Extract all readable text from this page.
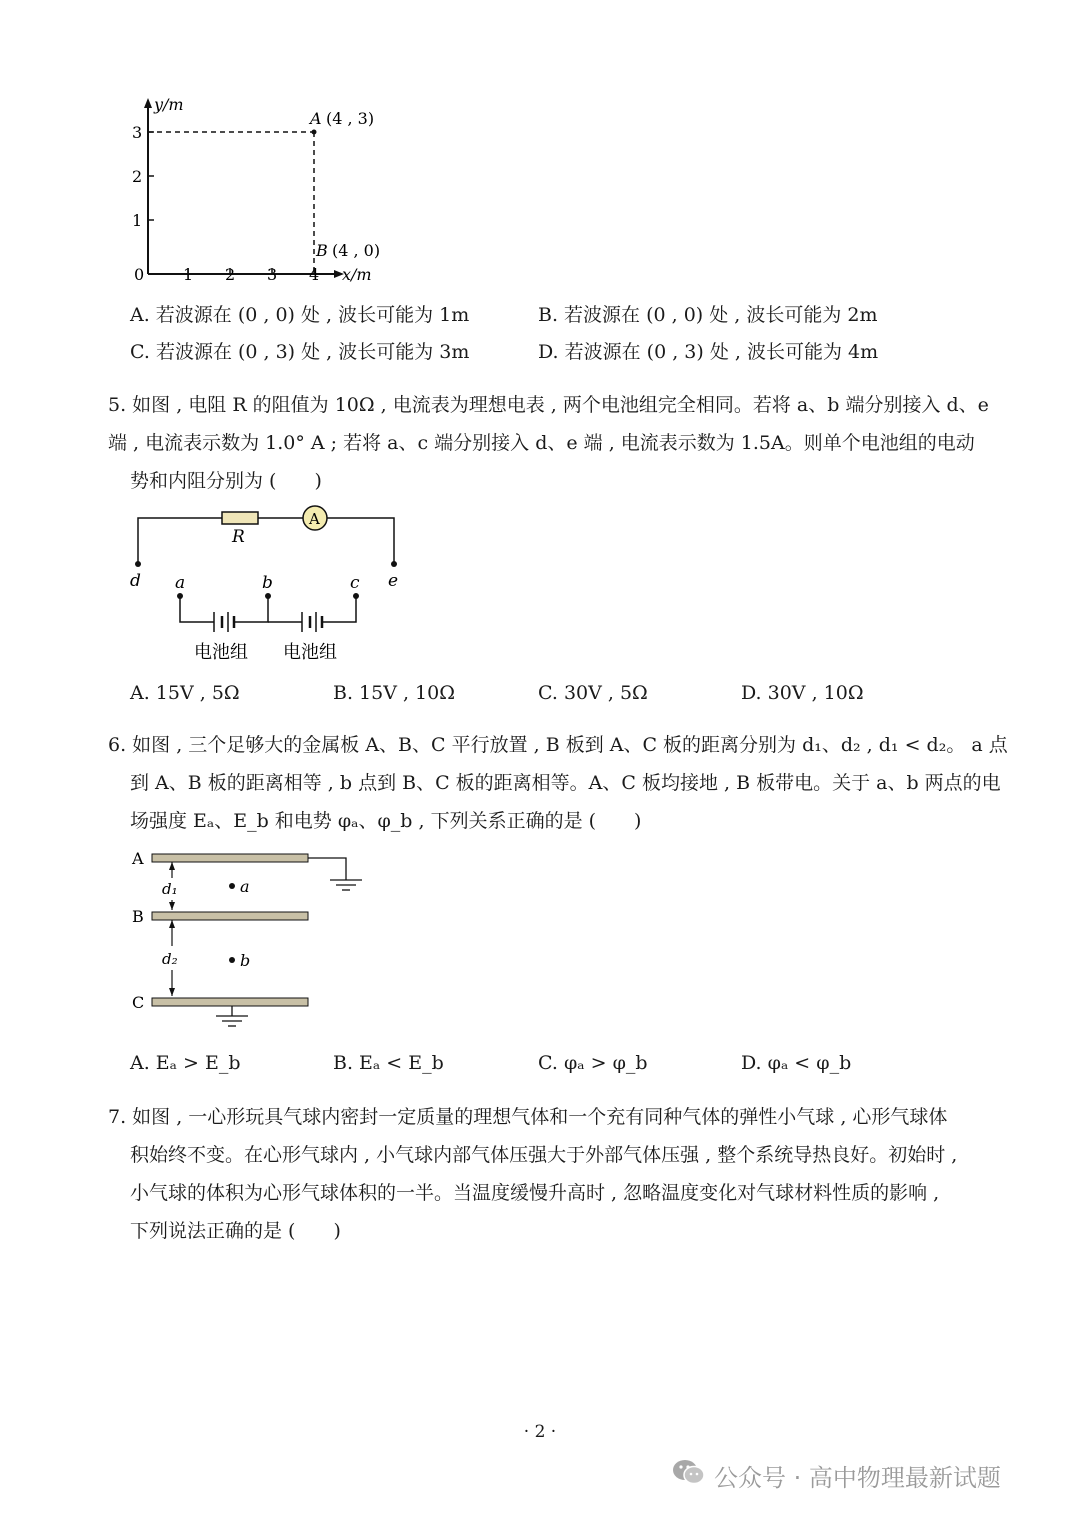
y/m
x/m
3
2
1
0 1 2 3 4
A (4 , 3)
B (4 , 0)
A. 若波源在 (0 , 0) 处 , 波长可能为 1m	B. 若波源在 (0 , 0) 处 , 波长可能为 2m
C. 若波源在 (0 , 3) 处 , 波长可能为 3m	D. 若波源在 (0 , 3) 处 , 波长可能为 4m
5. 如图 , 电阻 R 的阻值为 10Ω , 电流表为理想电表 , 两个电池组完全相同。若将 a、b 端分别接入 d、e
端 , 电流表示数为 1.0° A ; 若将 a、c 端分别接入 d、e 端 , 电流表示数为 1.5A。则单个电池组的电动
势和内阻分别为 (　　)
A
R
d	e
a	b	c
电池组 电池组
A. 15V , 5Ω	B. 15V , 10Ω	C. 30V , 5Ω	D. 30V , 10Ω
6. 如图 , 三个足够大的金属板 A、B、C 平行放置 , B 板到 A、C 板的距离分别为 d₁、d₂ , d₁ < d₂。 a 点
到 A、B 板的距离相等 , b 点到 B、C 板的距离相等。A、C 板均接地 , B 板带电。关于 a、b 两点的电
场强度 Eₐ、E_b 和电势 φₐ、φ_b , 下列关系正确的是 (　　)
A
d₁	a
B
d₂	b
C
A. Eₐ > E_b	B. Eₐ < E_b	C. φₐ > φ_b	D. φₐ < φ_b
7. 如图 , 一心形玩具气球内密封一定质量的理想气体和一个充有同种气体的弹性小气球 , 心形气球体
积始终不变。在心形气球内 , 小气球内部气体压强大于外部气体压强 , 整个系统导热良好。初始时 ,
小气球的体积为心形气球体积的一半。当温度缓慢升高时 , 忽略温度变化对气球材料性质的影响 ,
下列说法正确的是 (　　)
· 2 ·
公众号 · 高中物理最新试题
